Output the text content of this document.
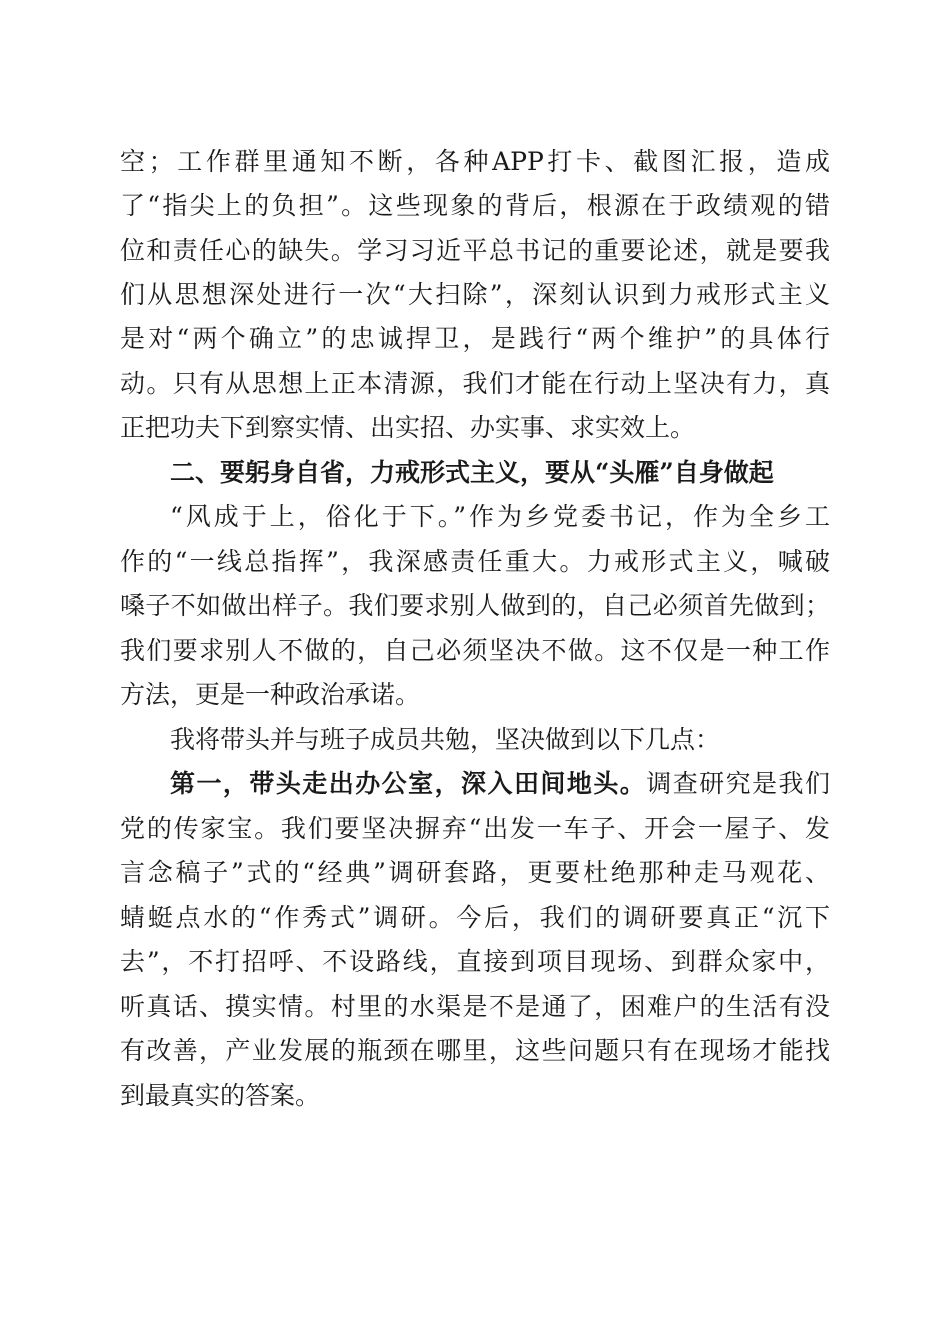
空；工作群里通知不断，各种APP打卡、截图汇报，造成
了“指尖上的负担”。这些现象的背后，根源在于政绩观的错
位和责任心的缺失。学习习近平总书记的重要论述，就是要我
们从思想深处进行一次“大扫除”，深刻认识到力戒形式主义
是对“两个确立”的忠诚捍卫，是践行“两个维护”的具体行
动。只有从思想上正本清源，我们才能在行动上坚决有力，真
正把功夫下到察实情、出实招、办实事、求实效上。
二、要躬身自省，力戒形式主义，要从“头雁”自身做起
“风成于上，俗化于下。”作为乡党委书记，作为全乡工
作的“一线总指挥”，我深感责任重大。力戒形式主义，喊破
嗓子不如做出样子。我们要求别人做到的，自己必须首先做到；
我们要求别人不做的，自己必须坚决不做。这不仅是一种工作
方法，更是一种政治承诺。
我将带头并与班子成员共勉，坚决做到以下几点：
第一，带头走出办公室，深入田间地头。调查研究是我们
党的传家宝。我们要坚决摒弃“出发一车子、开会一屋子、发
言念稿子”式的“经典”调研套路，更要杜绝那种走马观花、
蜻蜓点水的“作秀式”调研。今后，我们的调研要真正“沉下
去”，不打招呼、不设路线，直接到项目现场、到群众家中，
听真话、摸实情。村里的水渠是不是通了，困难户的生活有没
有改善，产业发展的瓶颈在哪里，这些问题只有在现场才能找
到最真实的答案。
